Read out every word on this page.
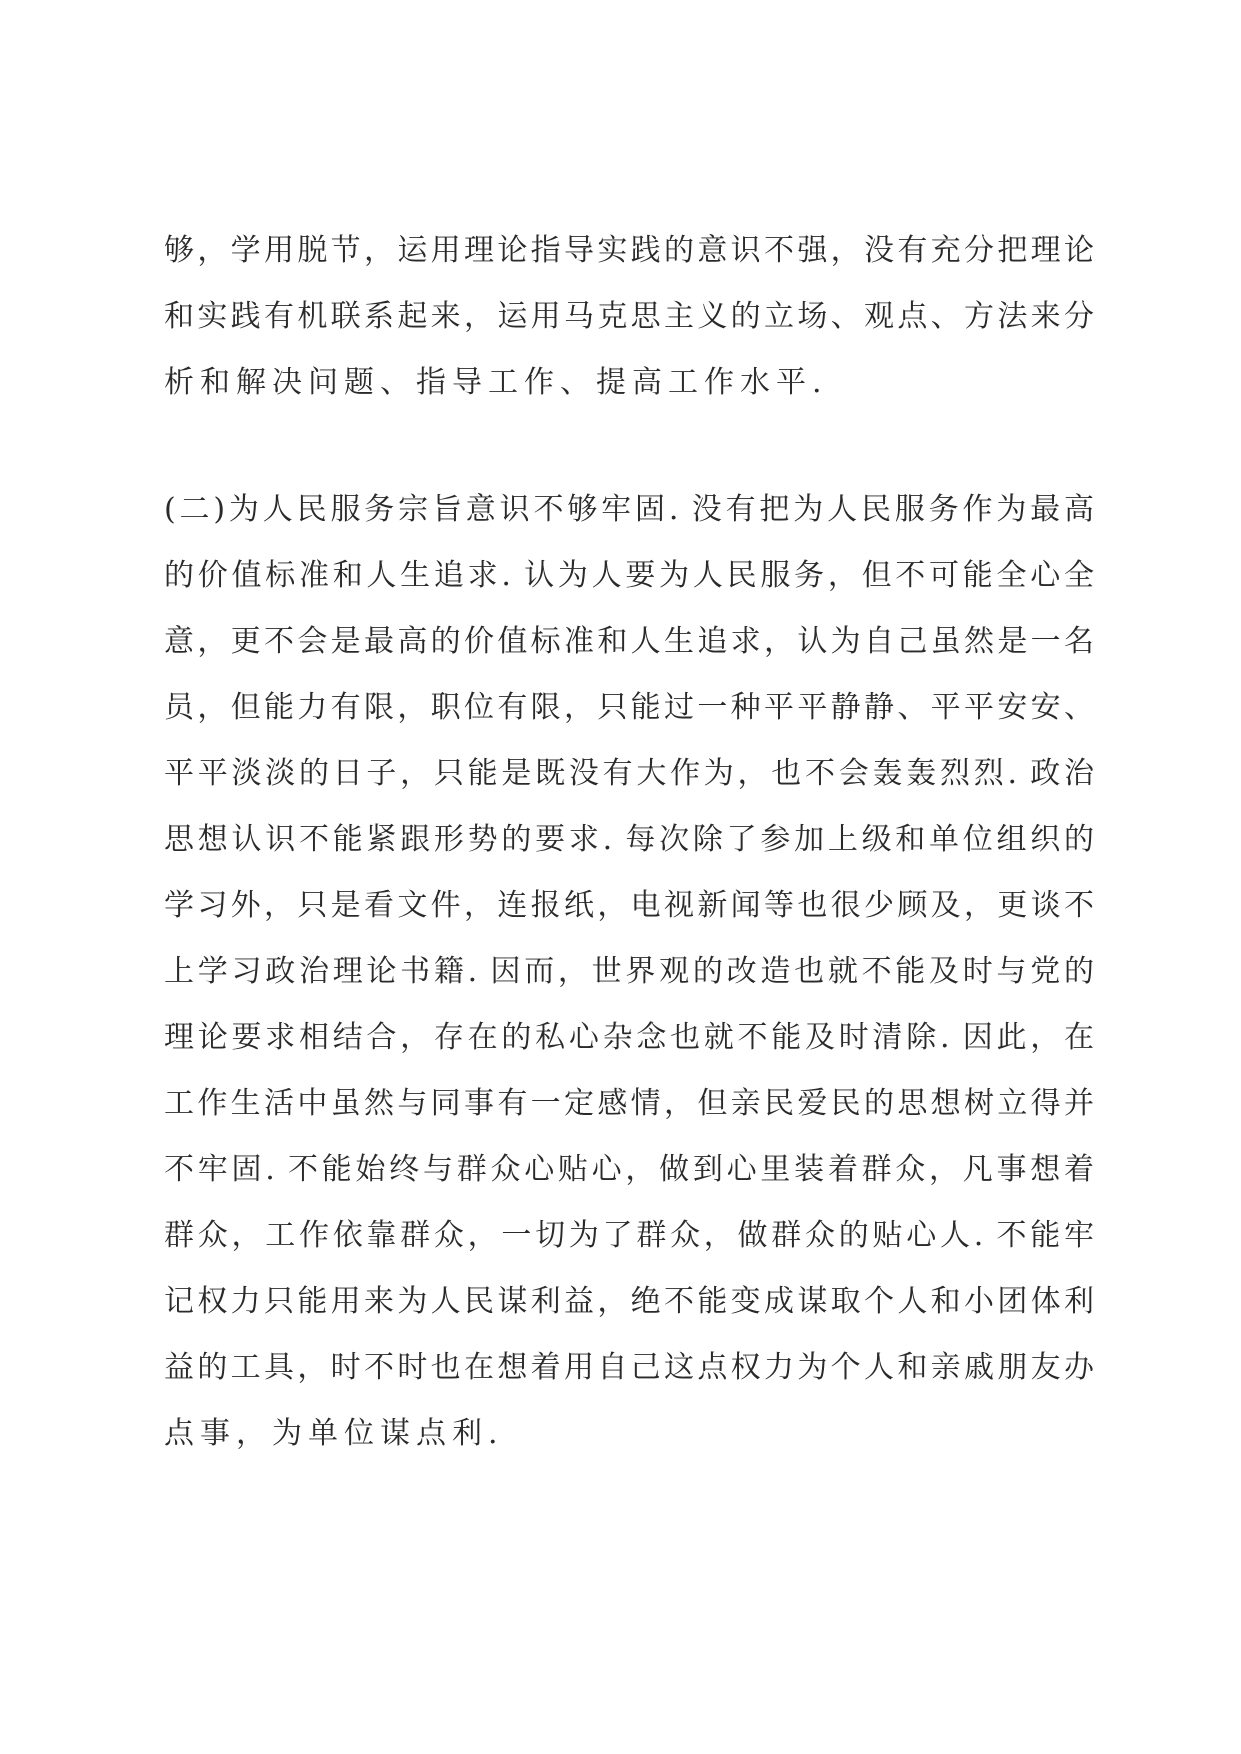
够，学用脱节，运用理论指导实践的意识不强，没有充分把理论
和实践有机联系起来，运用马克思主义的立场、观点、方法来分
析和解决问题、指导工作、提高工作水平.

(二)为人民服务宗旨意识不够牢固. 没有把为人民服务作为最高
的价值标准和人生追求. 认为人要为人民服务，但不可能全心全
意，更不会是最高的价值标准和人生追求，认为自己虽然是一名
员，但能力有限，职位有限，只能过一种平平静静、平平安安、
平平淡淡的日子，只能是既没有大作为，也不会轰轰烈烈. 政治
思想认识不能紧跟形势的要求. 每次除了参加上级和单位组织的
学习外，只是看文件，连报纸，电视新闻等也很少顾及，更谈不
上学习政治理论书籍. 因而，世界观的改造也就不能及时与党的
理论要求相结合，存在的私心杂念也就不能及时清除. 因此，在
工作生活中虽然与同事有一定感情，但亲民爱民的思想树立得并
不牢固. 不能始终与群众心贴心，做到心里装着群众，凡事想着
群众，工作依靠群众，一切为了群众，做群众的贴心人. 不能牢
记权力只能用来为人民谋利益，绝不能变成谋取个人和小团体利
益的工具，时不时也在想着用自己这点权力为个人和亲戚朋友办
点事，为单位谋点利.
